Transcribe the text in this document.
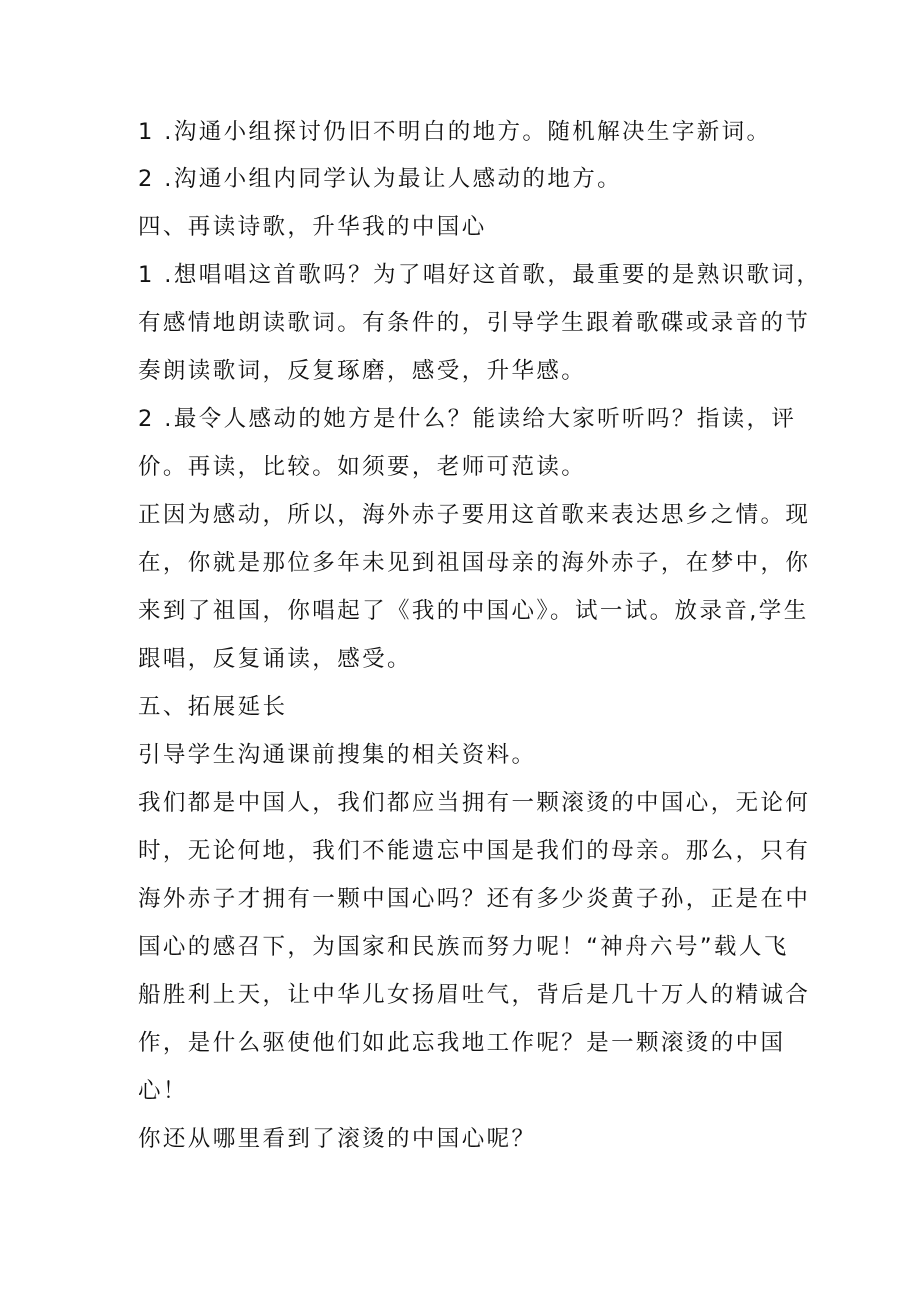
1 .沟通小组探讨仍旧不明白的地方。随机解决生字新词。
2 .沟通小组内同学认为最让人感动的地方。
四、再读诗歌，升华我的中国心
1 .想唱唱这首歌吗？为了唱好这首歌，最重要的是熟识歌词，
有感情地朗读歌词。有条件的，引导学生跟着歌碟或录音的节
奏朗读歌词，反复琢磨，感受，升华感。
2 .最令人感动的她方是什么？能读给大家听听吗？指读，评
价。再读，比较。如须要，老师可范读。
正因为感动，所以，海外赤子要用这首歌来表达思乡之情。现
在，你就是那位多年未见到祖国母亲的海外赤子，在梦中，你
来到了祖国，你唱起了《我的中国心》。试一试。放录音,学生
跟唱，反复诵读，感受。
五、拓展延长
引导学生沟通课前搜集的相关资料。
我们都是中国人，我们都应当拥有一颗滚烫的中国心，无论何
时，无论何地，我们不能遗忘中国是我们的母亲。那么，只有
海外赤子才拥有一颗中国心吗？还有多少炎黄子孙，正是在中
国心的感召下，为国家和民族而努力呢！“神舟六号”载人飞
船胜利上天，让中华儿女扬眉吐气，背后是几十万人的精诚合
作，是什么驱使他们如此忘我地工作呢？是一颗滚烫的中国
心！
你还从哪里看到了滚烫的中国心呢？
